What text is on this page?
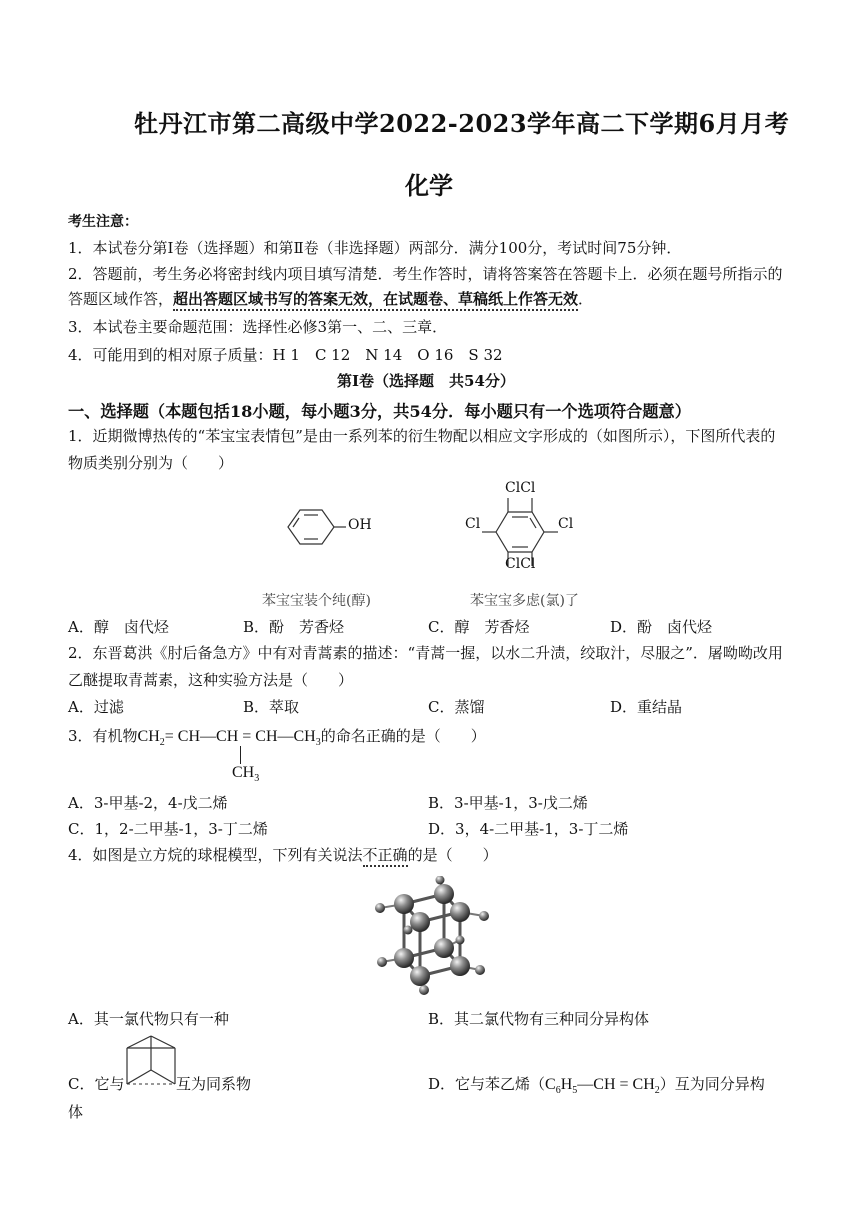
牡丹江市第二高级中学2022-2023学年高二下学期6月月考
化学
考生注意：
1．本试卷分第Ⅰ卷（选择题）和第Ⅱ卷（非选择题）两部分．满分100分，考试时间75分钟．
2．答题前，考生务必将密封线内项目填写清楚．考生作答时，请将答案答在答题卡上．必须在题号所指示的
答题区域作答，超出答题区域书写的答案无效，在试题卷、草稿纸上作答无效．
3．本试卷主要命题范围：选择性必修3第一、二、三章．
4．可能用到的相对原子质量：H 1　C 12　N 14　O 16　S 32
第Ⅰ卷（选择题　共54分）
一、选择题（本题包括18小题，每小题3分，共54分．每小题只有一个选项符合题意）
1．近期微博热传的“苯宝宝表情包”是由一系列苯的衍生物配以相应文字形成的（如图所示），下图所代表的
物质类别分别为（　　）
OH
ClCl
Cl	Cl
ClCl
苯宝宝装个纯(醇)	苯宝宝多虑(氯)了
A．醇　卤代烃	B．酚　芳香烃	C．醇　芳香烃	D．酚　卤代烃
2．东晋葛洪《肘后备急方》中有对青蒿素的描述：“青蒿一握，以水二升渍，绞取汁，尽服之”．屠呦呦改用
乙醚提取青蒿素，这种实验方法是（　　）
A．过滤	B．萃取	C．蒸馏	D．重结晶
3．有机物$CH_2=$ CH—CH = $CH—CH_3$的命名正确的是（　　）
$CH_3$
A．3-甲基-2，4-戊二烯	B．3-甲基-1，3-戊二烯
C．1，2-二甲基-1，3-丁二烯	D．3，4-二甲基-1，3-丁二烯
4．如图是立方烷的球棍模型，下列有关说法不正确的是（　　）
A．其一氯代物只有一种	B．其二氯代物有三种同分异构体
C．它与	互为同系物	D．它与苯乙烯$(C_6H_5—CH = CH_2)$互为同分异构
体
